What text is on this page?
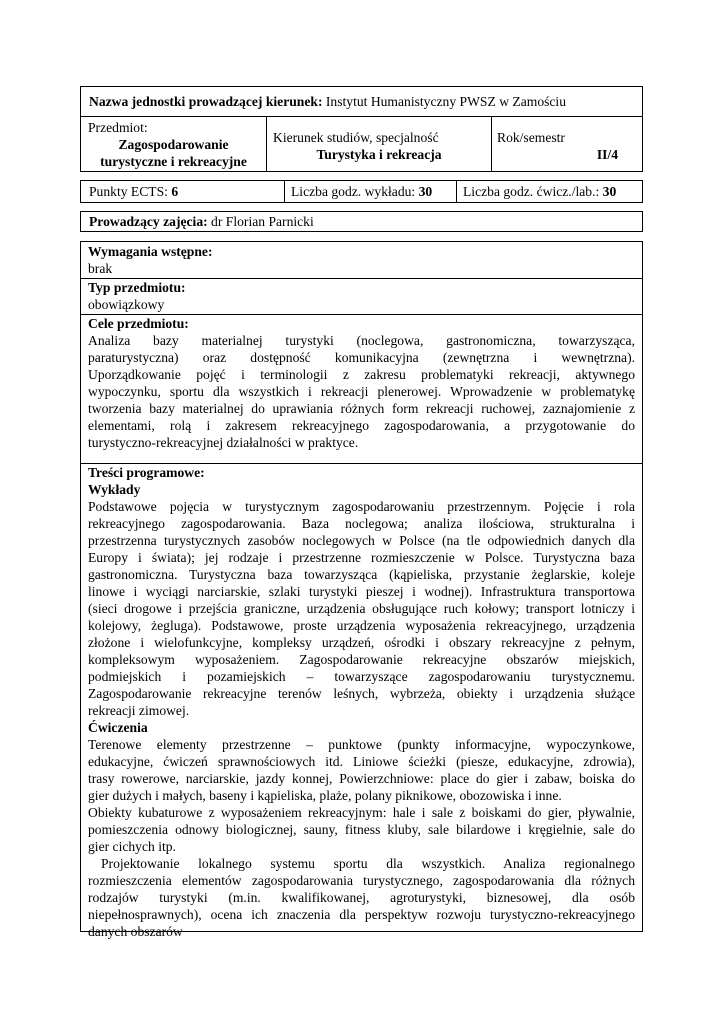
Nazwa jednostki prowadzącej kierunek: Instytut Humanistyczny PWSZ w Zamościu
Przedmiot:
Zagospodarowanie
turystyczne i rekreacyjne
Kierunek studiów, specjalność
Turystyka i rekreacja
Rok/semestr
II/4
Punkty ECTS: 6	Liczba godz. wykładu: 30 Liczba godz. ćwicz./lab.: 30
Prowadzący zajęcia: dr Florian Parnicki
Wymagania wstępne:
brak
Typ przedmiotu:
obowiązkowy
Cele przedmiotu:

Analiza bazy materialnej turystyki (noclegowa, gastronomiczna, towarzysząca,

paraturystyczna) oraz dostępność komunikacyjna (zewnętrzna i wewnętrzna).

Uporządkowanie pojęć i terminologii z zakresu problematyki rekreacji, aktywnego

wypoczynku, sportu dla wszystkich i rekreacji plenerowej. Wprowadzenie w problematykę

tworzenia bazy materialnej do uprawiania różnych form rekreacji ruchowej, zaznajomienie z

elementami, rolą i zakresem rekreacyjnego zagospodarowania, a przygotowanie do

turystyczno-rekreacyjnej działalności w praktyce.

Treści programowe:
Wykłady

Podstawowe pojęcia w turystycznym zagospodarowaniu przestrzennym. Pojęcie i rola

rekreacyjnego zagospodarowania. Baza noclegowa; analiza ilościowa, strukturalna i

przestrzenna turystycznych zasobów noclegowych w Polsce (na tle odpowiednich danych dla

Europy i świata); jej rodzaje i przestrzenne rozmieszczenie w Polsce. Turystyczna baza

gastronomiczna. Turystyczna baza towarzysząca (kąpieliska, przystanie żeglarskie, koleje

linowe i wyciągi narciarskie, szlaki turystyki pieszej i wodnej). Infrastruktura transportowa

(sieci drogowe i przejścia graniczne, urządzenia obsługujące ruch kołowy; transport lotniczy i

kolejowy, żegluga). Podstawowe, proste urządzenia wyposażenia rekreacyjnego, urządzenia

złożone i wielofunkcyjne, kompleksy urządzeń, ośrodki i obszary rekreacyjne z pełnym,

kompleksowym wyposażeniem. Zagospodarowanie rekreacyjne obszarów miejskich,

podmiejskich i pozamiejskich – towarzyszące zagospodarowaniu turystycznemu.

Zagospodarowanie rekreacyjne terenów leśnych, wybrzeża, obiekty i urządzenia służące

rekreacji zimowej.

Ćwiczenia

Terenowe elementy przestrzenne – punktowe (punkty informacyjne, wypoczynkowe,

edukacyjne, ćwiczeń sprawnościowych itd. Liniowe ścieżki (piesze, edukacyjne, zdrowia),

trasy rowerowe, narciarskie, jazdy konnej, Powierzchniowe: place do gier i zabaw, boiska do

gier dużych i małych, baseny i kąpieliska, plaże, polany piknikowe, obozowiska i inne.

Obiekty kubaturowe z wyposażeniem rekreacyjnym: hale i sale z boiskami do gier, pływalnie,

pomieszczenia odnowy biologicznej, sauny, fitness kluby, sale bilardowe i kręgielnie, sale do

gier cichych itp.

Projektowanie lokalnego systemu sportu dla wszystkich. Analiza regionalnego

rozmieszczenia elementów zagospodarowania turystycznego, zagospodarowania dla różnych

rodzajów turystyki (m.in. kwalifikowanej, agroturystyki, biznesowej, dla osób

niepełnosprawnych), ocena ich znaczenia dla perspektyw rozwoju turystyczno-rekreacyjnego

danych obszarów
